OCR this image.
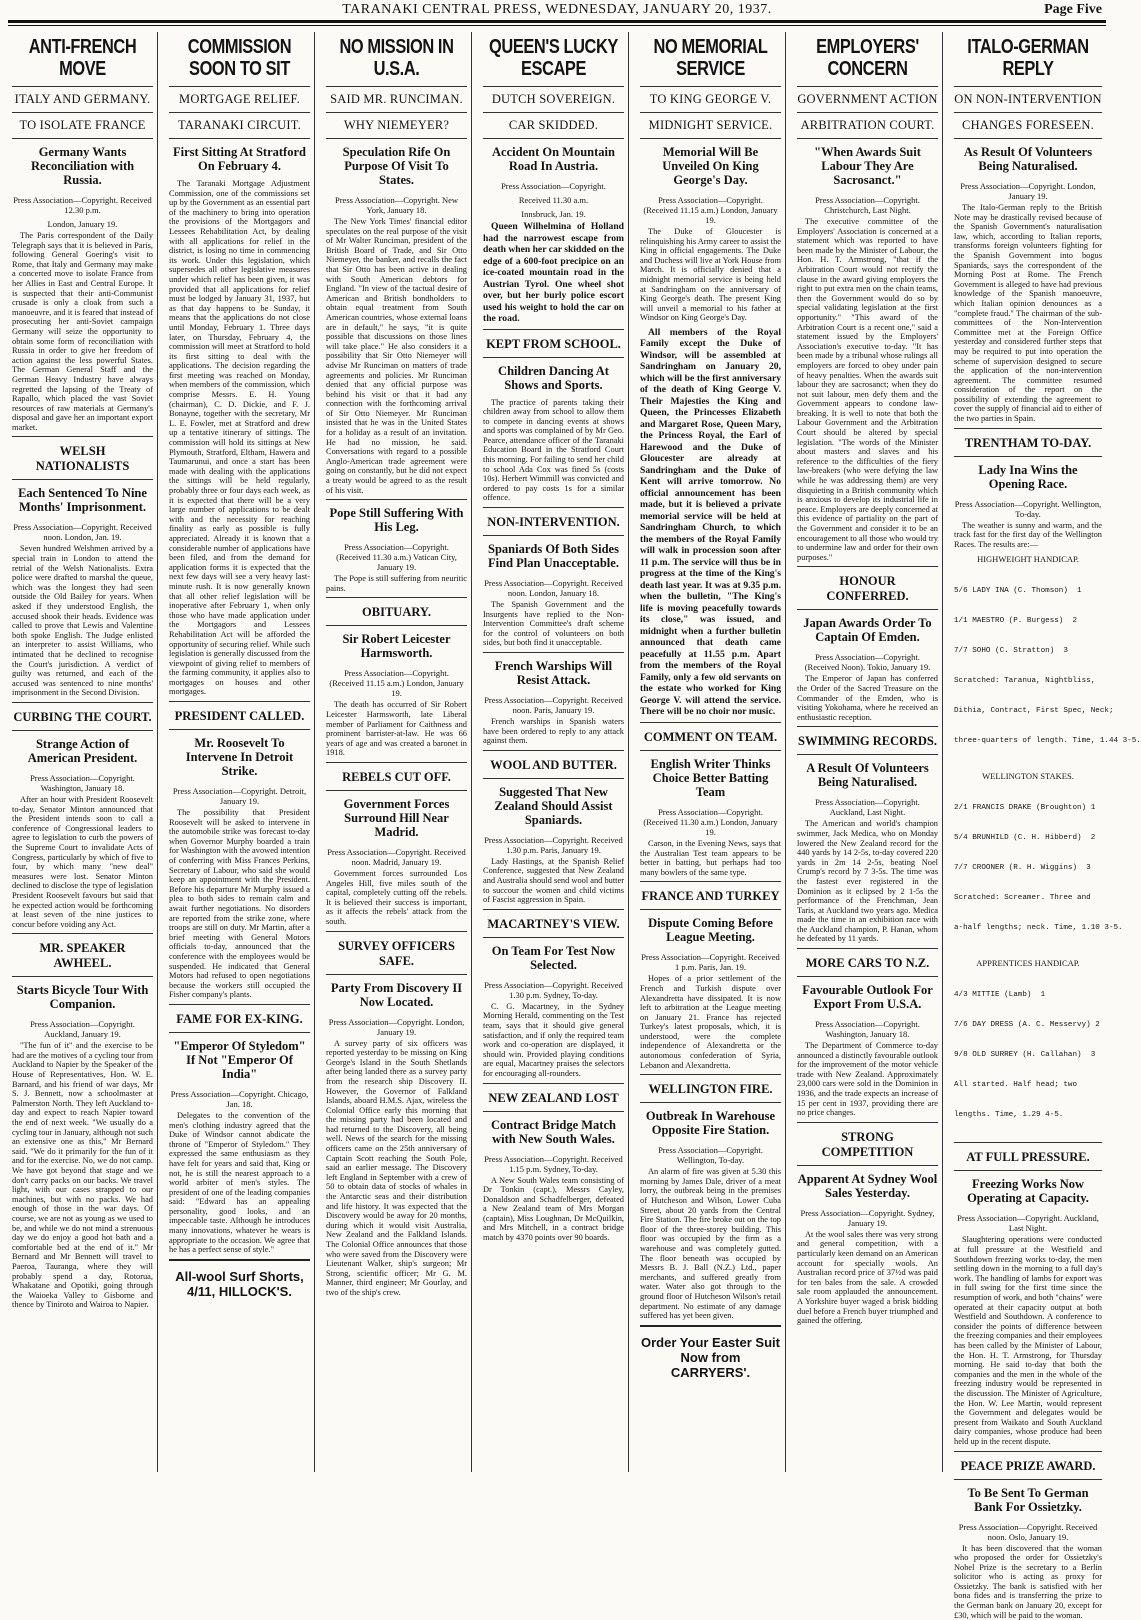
TARANAKI CENTRAL PRESS, WEDNESDAY, JANUARY 20, 1937.	Page Five
ANTI-FRENCH MOVE
ITALY AND GERMANY.
TO ISOLATE FRANCE
Germany Wants Reconciliation with Russia.
Press Association—Copyright. Received 12.30 p.m.
London, January 19.

The Paris correspondent of the Daily Telegraph says that it is believed in Paris, following General Goering's visit to Rome, that Italy and Germany may make a concerted move to isolate France from her Allies in East and Central Europe. It is suspected that their anti-Communist crusade is only a cloak from such a manoeuvre, and it is feared that instead of prosecuting her anti-Soviet campaign Germany will seize the opportunity to obtain some form of reconciliation with Russia in order to give her freedom of action against the less powerful States. The German General Staff and the German Heavy Industry have always regretted the lapsing of the Treaty of Rapallo, which placed the vast Soviet resources of raw materials at Germany's disposal and gave her an important export market.

WELSH NATIONALISTS
Each Sentenced To Nine Months' Imprisonment.
Press Association—Copyright. Received noon. London, Jan. 19.

Seven hundred Welshmen arrived by a special train in London to attend the retrial of the Welsh Nationalists. Extra police were drafted to marshal the queue, which was the longest they had seen outside the Old Bailey for years. When asked if they understood English, the accused shook their heads. Evidence was called to prove that Lewis and Valentine both spoke English. The Judge enlisted an interpreter to assist Williams, who intimated that he declined to recognise the Court's jurisdiction. A verdict of guilty was returned, and each of the accused was sentenced to nine months' imprisonment in the Second Division.

CURBING THE COURT.
Strange Action of American President.
Press Association—Copyright. Washington, January 18.

After an hour with President Roosevelt to-day, Senator Minton announced that the President intends soon to call a conference of Congressional leaders to agree to legislation to curb the powers of the Supreme Court to invalidate Acts of Congress, particularly by which of five to four, by which many "new deal" measures were lost. Senator Minton declined to disclose the type of legislation President Roosevelt favours but said that he expected action would be forthcoming at least seven of the nine justices to concur before voiding any Act.

MR. SPEAKER AWHEEL.
Starts Bicycle Tour With Companion.
Press Association—Copyright. Auckland, January 19.

"The fun of it" and the exercise to be had are the motives of a cycling tour from Auckland to Napier by the Speaker of the House of Representatives, Hon. W. E. Barnard, and his friend of war days, Mr S. J. Bennett, now a schoolmaster at Palmerston North. They left Auckland to-day and expect to reach Napier toward the end of next week. "We usually do a cycling tour in January, although not such an extensive one as this," Mr Bernard said. "We do it primarily for the fun of it and for the exercise. No, we do not camp. We have got beyond that stage and we don't carry packs on our backs. We travel light, with our cases strapped to our machines, but with no packs. We had enough of those in the war days. Of course, we are not as young as we used to be, and while we do not mind a strenuous day we do enjoy a good hot bath and a comfortable bed at the end of it." Mr Bernard and Mr Bennett will travel to Paeroa, Tauranga, where they will probably spend a day, Rotorua, Whakatane and Opotiki, going through the Waioeka Valley to Gisborne and thence by Tiniroto and Wairoa to Napier.

COMMISSION SOON TO SIT
MORTGAGE RELIEF.
TARANAKI CIRCUIT.
First Sitting At Stratford On February 4.

The Taranaki Mortgage Adjustment Commission, one of the commissions set up by the Government as an essential part of the machinery to bring into operation the provisions of the Mortgagors and Lessees Rehabilitation Act, by dealing with all applications for relief in the district, is losing no time in commencing its work. Under this legislation, which supersedes all other legislative measures under which relief has been given, it was provided that all applications for relief must be lodged by January 31, 1937, but as that day happens to be Sunday, it means that the applications do not close until Monday, February 1. Three days later, on Thursday, February 4, the commission will meet at Stratford to hold its first sitting to deal with the applications. The decision regarding the first meeting was reached on Monday, when members of the commission, which comprise Messrs. E. H. Young (chairman), C. D. Dickie, and F. J. Bonayne, together with the secretary, Mr L. E. Fowler, met at Stratford and drew up a tentative itinerary of sittings. The commission will hold its sittings at New Plymouth, Stratford, Eltham, Hawera and Taumarunui, and once a start has been made with dealing with the applications the sittings will be held regularly, probably three or four days each week, as it is expected that there will be a very large number of applications to be dealt with and the necessity for reaching finality as early as possible is fully appreciated. Already it is known that a considerable number of applications have been filed, and from the demand for application forms it is expected that the next few days will see a very heavy last-minute rush. It is now generally known that all other relief legislation will be inoperative after February 1, when only those who have made application under the Mortgagors and Lessees Rehabilitation Act will be afforded the opportunity of securing relief. While such legislation is generally discussed from the viewpoint of giving relief to members of the farming community, it applies also to mortgages on houses and other mortgages.

PRESIDENT CALLED.
Mr. Roosevelt To Intervene In Detroit Strike.
Press Association—Copyright. Detroit, January 19.

The possibility that President Roosevelt will be asked to intervene in the automobile strike was forecast to-day when Governor Murphy boarded a train for Washington with the avowed intention of conferring with Miss Frances Perkins, Secretary of Labour, who said she would keep an appointment with the President. Before his departure Mr Murphy issued a plea to both sides to remain calm and await further negotiations. No disorders are reported from the strike zone, where troops are still on duty. Mr Martin, after a brief meeting with General Motors officials to-day, announced that the conference with the employees would be suspended. He indicated that General Motors had refused to open negotiations because the workers still occupied the Fisher company's plants.

FAME FOR EX-KING.
"Emperor Of Styledom" If Not "Emperor Of India"
Press Association—Copyright. Chicago, Jan. 18.

Delegates to the convention of the men's clothing industry agreed that the Duke of Windsor cannot abdicate the throne of "Emperor of Styledom." They expressed the same enthusiasm as they have felt for years and said that, King or not, he is still the nearest approach to a world arbiter of men's styles. The president of one of the leading companies said: "Edward has an appealing personality, good looks, and an impeccable taste. Although he introduces many innovations, whatever he wears is appropriate to the occasion. We agree that he has a perfect sense of style."

All-wool Surf Shorts, 4/11, HILLOCK'S.
NO MISSION IN U.S.A.
SAID MR. RUNCIMAN.
WHY NIEMEYER?
Speculation Rife On Purpose Of Visit To States.
Press Association—Copyright. New York, January 18.

The New York Times' financial editor speculates on the real purpose of the visit of Mr Walter Runciman, president of the British Board of Trade, and Sir Otto Niemeyer, the banker, and recalls the fact that Sir Otto has been active in dealing with South American debtors for England. "In view of the tactual desire of American and British bondholders to obtain equal treatment from South American countries, whose external loans are in default," he says, "it is quite possible that discussions on those lines will take place." He also considers it a possibility that Sir Otto Niemeyer will advise Mr Runciman on matters of trade agreements and policies. Mr Runciman denied that any official purpose was behind his visit or that it had any connection with the forthcoming arrival of Sir Otto Niemeyer. Mr Runciman insisted that he was in the United States for a holiday as a result of an invitation. He had no mission, he said. Conversations with regard to a possible Anglo-American trade agreement were going on constantly, but he did not expect a treaty would be agreed to as the result of his visit.

Pope Still Suffering With His Leg.
Press Association—Copyright. (Received 11.30 a.m.) Vatican City, January 19.

The Pope is still suffering from neuritic pains.

OBITUARY.
Sir Robert Leicester Harmsworth.
Press Association—Copyright. (Received 11.15 a.m.) London, January 19.

The death has occurred of Sir Robert Leicester Harmsworth, late Liberal member of Parliament for Caithness and prominent barrister-at-law. He was 66 years of age and was created a baronet in 1918.

REBELS CUT OFF.
Government Forces Surround Hill Near Madrid.
Press Association—Copyright. Received noon. Madrid, January 19.

Government forces surrounded Los Angeles Hill, five miles south of the capital, completely cutting off the rebels. It is believed their success is important, as it affects the rebels' attack from the south.

SURVEY OFFICERS SAFE.
Party From Discovery II Now Located.
Press Association—Copyright. London, January 19.

A survey party of six officers was reported yesterday to be missing on King George's Island in the South Shetlands after being landed there as a survey party from the research ship Discovery II. However, the Governor of Falkland Islands, aboard H.M.S. Ajax, wireless the Colonial Office early this morning that the missing party had been located and had returned to the Discovery, all being well. News of the search for the missing officers came on the 25th anniversary of Captain Scott reaching the South Pole, said an earlier message. The Discovery left England in September with a crew of 50 to obtain data of stocks of whales in the Antarctic seas and their distribution and life history. It was expected that the Discovery would be away for 20 months, during which it would visit Australia, New Zealand and the Falkland Islands. The Colonial Office announces that those who were saved from the Discovery were Lieutenant Walker, ship's surgeon; Mr Strong, scientific officer; Mr G. M. Manner, third engineer; Mr Gourlay, and two of the ship's crew.

QUEEN'S LUCKY ESCAPE
DUTCH SOVEREIGN.
CAR SKIDDED.
Accident On Mountain Road In Austria.
Press Association—Copyright.
Received 11.30 a.m.
Innsbruck, Jan. 19.

Queen Wilhelmina of Holland had the narrowest escape from death when her car skidded on the edge of a 600-foot precipice on an ice-coated mountain road in the Austrian Tyrol. One wheel shot over, but her burly police escort used his weight to hold the car on the road.

KEPT FROM SCHOOL.
Children Dancing At Shows and Sports.

The practice of parents taking their children away from school to allow them to compete in dancing events at shows and sports was complained of by Mr Geo. Pearce, attendance officer of the Taranaki Education Board in the Stratford Court this morning. For failing to send her child to school Ada Cox was fined 5s (costs 10s). Herbert Wimmill was convicted and ordered to pay costs 1s for a similar offence.

NON-INTERVENTION.
Spaniards Of Both Sides Find Plan Unacceptable.
Press Association—Copyright. Received noon. London, January 18.

The Spanish Government and the Insurgents have replied to the Non-Intervention Committee's draft scheme for the control of volunteers on both sides, but both find it unacceptable.

French Warships Will Resist Attack.
Press Association—Copyright. Received noon. Paris, January 19.

French warships in Spanish waters have been ordered to reply to any attack against them.

WOOL AND BUTTER.
Suggested That New Zealand Should Assist Spaniards.
Press Association—Copyright. Received 1.30 p.m. Paris, January 19.

Lady Hastings, at the Spanish Relief Conference, suggested that New Zealand and Australia should send wool and butter to succour the women and child victims of Fascist aggression in Spain.

MACARTNEY'S VIEW.
On Team For Test Now Selected.
Press Association—Copyright. Received 1.30 p.m. Sydney, To-day.

C. G. Macartney, in the Sydney Morning Herald, commenting on the Test team, says that it should give general satisfaction, and if only the required team work and co-operation are displayed, it should win. Provided playing conditions are equal, Macartney praises the selectors for encouraging all-rounders.

NEW ZEALAND LOST
Contract Bridge Match with New South Wales.
Press Association—Copyright. Received 1.15 p.m. Sydney, To-day.

A New South Wales team consisting of Dr Tonkin (capt.), Messrs Cayley, Donaldson and Schadfelberger, defeated a New Zealand team of Mrs Morgan (captain), Miss Loughnan, Dr McQuilkin, and Mrs Mitchell, in a contract bridge match by 4370 points over 90 boards.

NO MEMORIAL SERVICE
TO KING GEORGE V.
MIDNIGHT SERVICE.
Memorial Will Be Unveiled On King George's Day.
Press Association—Copyright. (Received 11.15 a.m.) London, January 19.

The Duke of Gloucester is relinquishing his Army career to assist the King in official engagements. The Duke and Duchess will live at York House from March. It is officially denied that a midnight memorial service is being held at Sandringham on the anniversary of King George's death. The present King will unveil a memorial to his father at Windsor on King George's Day.

All members of the Royal Family except the Duke of Windsor, will be assembled at Sandringham on January 20, which will be the first anniversary of the death of King George V. Their Majesties the King and Queen, the Princesses Elizabeth and Margaret Rose, Queen Mary, the Princess Royal, the Earl of Harewood and the Duke of Gloucester are already at Sandringham and the Duke of Kent will arrive tomorrow. No official announcement has been made, but it is believed a private memorial service will be held at Sandringham Church, to which the members of the Royal Family will walk in procession soon after 11 p.m. The service will thus be in progress at the time of the King's death last year. It was at 9.35 p.m. when the bulletin, "The King's life is moving peacefully towards its close," was issued, and midnight when a further bulletin announced that death came peacefully at 11.55 p.m. Apart from the members of the Royal Family, only a few old servants on the estate who worked for King George V. will attend the service. There will be no choir nor music.

COMMENT ON TEAM.
English Writer Thinks Choice Better Batting Team
Press Association—Copyright. (Received 11.30 a.m.) London, January 19.

Carson, in the Evening News, says that the Australian Test team appears to be better in batting, but perhaps had too many bowlers of the same type.

FRANCE AND TURKEY
Dispute Coming Before League Meeting.
Press Association—Copyright. Received 1 p.m. Paris, Jan. 19.

Hopes of a prior settlement of the French and Turkish dispute over Alexandretta have dissipated. It is now left to arbitration at the League meeting on January 21. France has rejected Turkey's latest proposals, which, it is understood, were the complete independence of Alexandretta or the autonomous confederation of Syria, Lebanon and Alexandretta.

WELLINGTON FIRE.
Outbreak In Warehouse Opposite Fire Station.
Press Association—Copyright. Wellington, To-day.

An alarm of fire was given at 5.30 this morning by James Dale, driver of a meat lorry, the outbreak being in the premises of Hutcheson and Wilson, Lower Cuba Street, about 20 yards from the Central Fire Station. The fire broke out on the top floor of the three-storey building. This floor was occupied by the firm as a warehouse and was completely gutted. The floor beneath was occupied by Messrs B. J. Ball (N.Z.) Ltd., paper merchants, and suffered greatly from water. Water also got through to the ground floor of Hutcheson Wilson's retail department. No estimate of any damage suffered has yet been given.

Order Your Easter Suit Now from CARRYERS'.
EMPLOYERS' CONCERN
GOVERNMENT ACTION
ARBITRATION COURT.
"When Awards Suit Labour They Are Sacrosanct."
Press Association—Copyright. Christchurch, Last Night.

The executive committee of the Employers' Association is concerned at a statement which was reported to have been made by the Minister of Labour, the Hon. H. T. Armstrong, "that if the Arbitration Court would not rectify the clause in the award giving employers the right to put extra men on the chain teams, then the Government would do so by special validating legislation at the first opportunity." "This award of the Arbitration Court is a recent one," said a statement issued by the Employers' Association's executive to-day. "It has been made by a tribunal whose rulings all employers are forced to obey under pain of heavy penalties. When the awards suit labour they are sacrosanct; when they do not suit labour, men defy them and the Government appears to condone law-breaking. It is well to note that both the Labour Government and the Arbitration Court should be altered by special legislation. "The words of the Minister about masters and slaves and his reference to the difficulties of the fiery law-breakers (who were defying the law while he was addressing them) are very disquieting in a British community which is anxious to develop its industrial life in peace. Employers are deeply concerned at this evidence of partiality on the part of the Government and consider it to be an encouragement to all those who would try to undermine law and order for their own purposes."

HONOUR CONFERRED.
Japan Awards Order To Captain Of Emden.
Press Association—Copyright. (Received Noon). Tokio, January 19.

The Emperor of Japan has conferred the Order of the Sacred Treasure on the Commander of the Emden, who is visiting Yokohama, where he received an enthusiastic reception.

SWIMMING RECORDS.
A Result Of Volunteers Being Naturalised.
Press Association—Copyright. Auckland, Last Night.

The American and world's champion swimmer, Jack Medica, who on Monday lowered the New Zealand record for the 440 yards by 14 2-5s, to-day covered 220 yards in 2m 14 2-5s, beating Noel Crump's record by 7 3-5s. The time was the fastest ever registered in the Dominion as it eclipsed by 2 1-5s the performance of the Frenchman, Jean Taris, at Auckland two years ago. Medica made the time in an exhibition race with the Auckland champion, P. Hanan, whom he defeated by 11 yards.

MORE CARS TO N.Z.
Favourable Outlook For Export From U.S.A.
Press Association—Copyright. Washington, January 18.

The Department of Commerce to-day announced a distinctly favourable outlook for the improvement of the motor vehicle trade with New Zealand. Approximately 23,000 cars were sold in the Dominion in 1936, and the trade expects an increase of 15 per cent in 1937, providing there are no price changes.

STRONG COMPETITION
Apparent At Sydney Wool Sales Yesterday.
Press Association—Copyright. Sydney, January 19.

At the wool sales there was very strong and general competition, with a particularly keen demand on an American account for specially wools. An Australian record price of 37½d was paid for ten bales from the sale. A crowded sale room applauded the announcement. A Yorkshire buyer waged a brisk bidding duel before a French buyer triumphed and gained the offering.

ITALO-GERMAN REPLY
ON NON-INTERVENTION
CHANGES FORESEEN.
As Result Of Volunteers Being Naturalised.
Press Association—Copyright. London, January 19.

The Italo-German reply to the British Note may be drastically revised because of the Spanish Government's naturalisation law, which, according to Italian reports, transforms foreign volunteers fighting for the Spanish Government into bogus Spaniards, says the correspondent of the Morning Post at Rome. The French Government is alleged to have had previous knowledge of the Spanish manoeuvre, which Italian opinion denounces as a "complete fraud." The chairman of the sub-committees of the Non-Intervention Committee met at the Foreign Office yesterday and considered further steps that may be required to put into operation the scheme of supervision designed to secure the application of the non-intervention agreement. The committee resumed consideration of the report on the possibility of extending the agreement to cover the supply of financial aid to either of the two parties in Spain.

TRENTHAM TO-DAY.
Lady Ina Wins the Opening Race.
Press Association—Copyright. Wellington, To-day.

The weather is sunny and warm, and the track fast for the first day of the Wellington Races. The results are:—

HIGHWEIGHT HANDICAP.

5/6 LADY INA (C. Thomson)  1

1/1 MAESTRO (P. Burgess)  2

7/7 SOHO (C. Stratton)  3

Scratched: Taranua, Nightbliss,

Dithia, Contract, First Spec, Neck;

three-quarters of length. Time, 1.44 3-5.

WELLINGTON STAKES.

2/1 FRANCIS DRAKE (Broughton) 1

5/4 BRUNHILD (C. H. Hibberd)  2

7/7 CROONER (R. H. Wiggins)  3

Scratched: Screamer. Three and

a-half lengths; neck. Time, 1.10 3-5.

APPRENTICES HANDICAP.

4/3 MITTIE (Lamb)  1

7/6 DAY DRESS (A. C. Messervy) 2

9/8 OLD SURREY (H. Callahan)  3

All started. Half head; two

lengths. Time, 1.29 4-5.

AT FULL PRESSURE.
Freezing Works Now Operating at Capacity.
Press Association—Copyright. Auckland, Last Night.

Slaughtering operations were conducted at full pressure at the Westfield and Southdown freezing works to-day, the men settling down in the morning to a full day's work. The handling of lambs for export was in full swing for the first time since the resumption of work, and both "chains" were operated at their capacity output at both Westfield and Southdown. A conference to consider the points of difference between the freezing companies and their employees has been called by the Minister of Labour, the Hon. H. T. Armstrong, for Thursday morning. He said to-day that both the companies and the men in the whole of the freezing industry would be represented in the discussion. The Minister of Agriculture, the Hon. W. Lee Martin, would represent the Government and delegates would be present from Waikato and South Auckland dairy companies, whose produce had been held up in the recent dispute.

PEACE PRIZE AWARD.
To Be Sent To German Bank For Ossietzky.
Press Association—Copyright. Received noon. Oslo, January 19.

It has been discovered that the woman who proposed the order for Ossietzky's Nobel Prize is the secretary to a Berlin solicitor who is acting as proxy for Ossietzky. The bank is satisfied with her bona fides and is transferring the prize to the German bank on January 20, except for £30, which will be paid to the woman.
